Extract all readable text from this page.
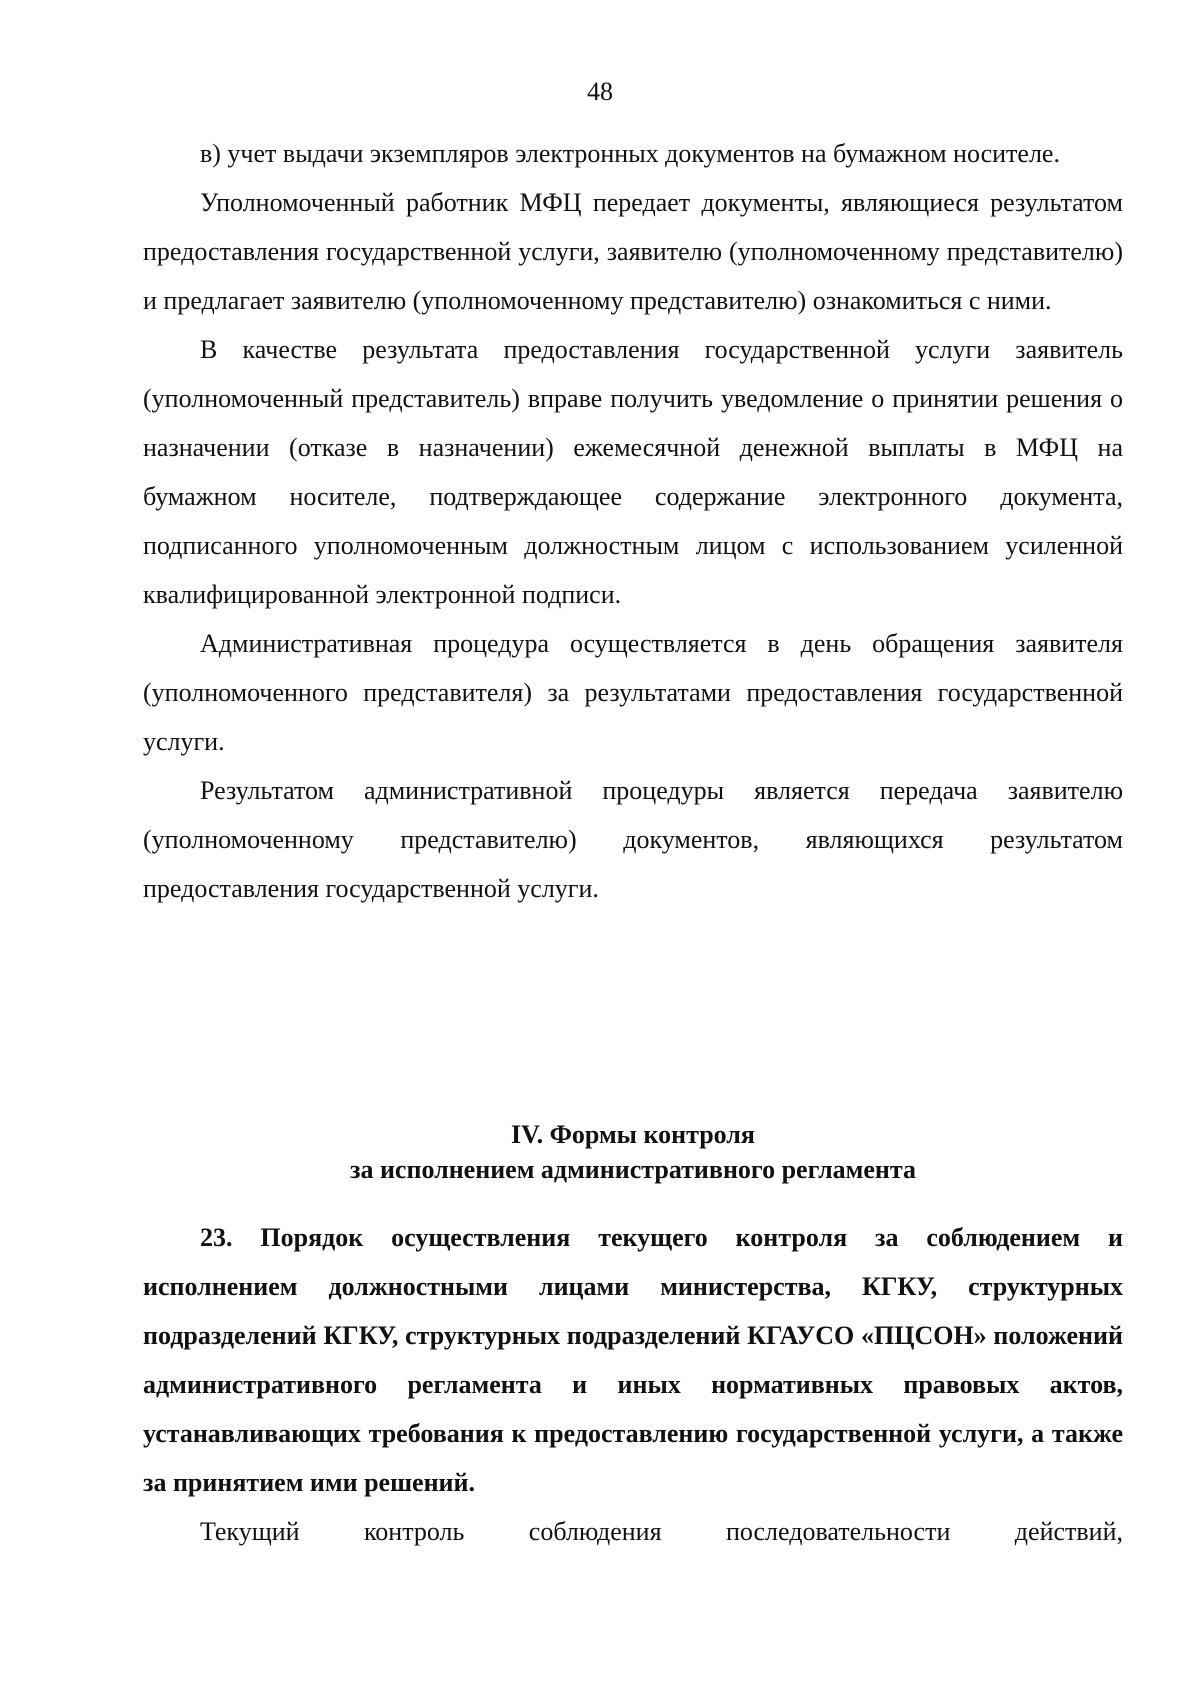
48

в) учет выдачи экземпляров электронных документов на бумажном носителе.

Уполномоченный работник МФЦ передает документы, являющиеся результатом предоставления государственной услуги, заявителю (уполномоченному представителю) и предлагает заявителю (уполномоченному представителю) ознакомиться с ними.

В качестве результата предоставления государственной услуги заявитель (уполномоченный представитель) вправе получить уведомление о принятии решения о назначении (отказе в назначении) ежемесячной денежной выплаты в МФЦ на бумажном носителе, подтверждающее содержание электронного документа, подписанного уполномоченным должностным лицом с использованием усиленной квалифицированной электронной подписи.

Административная процедура осуществляется в день обращения заявителя (уполномоченного представителя) за результатами предоставления государственной услуги.

Результатом административной процедуры является передача заявителю (уполномоченному представителю) документов, являющихся результатом предоставления государственной услуги.

IV. Формы контроля
за исполнением административного регламента

23. Порядок осуществления текущего контроля за соблюдением и исполнением должностными лицами министерства, КГКУ, структурных подразделений КГКУ, структурных подразделений КГАУСО «ПЦСОН» положений административного регламента и иных нормативных правовых актов, устанавливающих требования к предоставлению государственной услуги, а также за принятием ими решений.

Текущий контроль соблюдения последовательности действий,
